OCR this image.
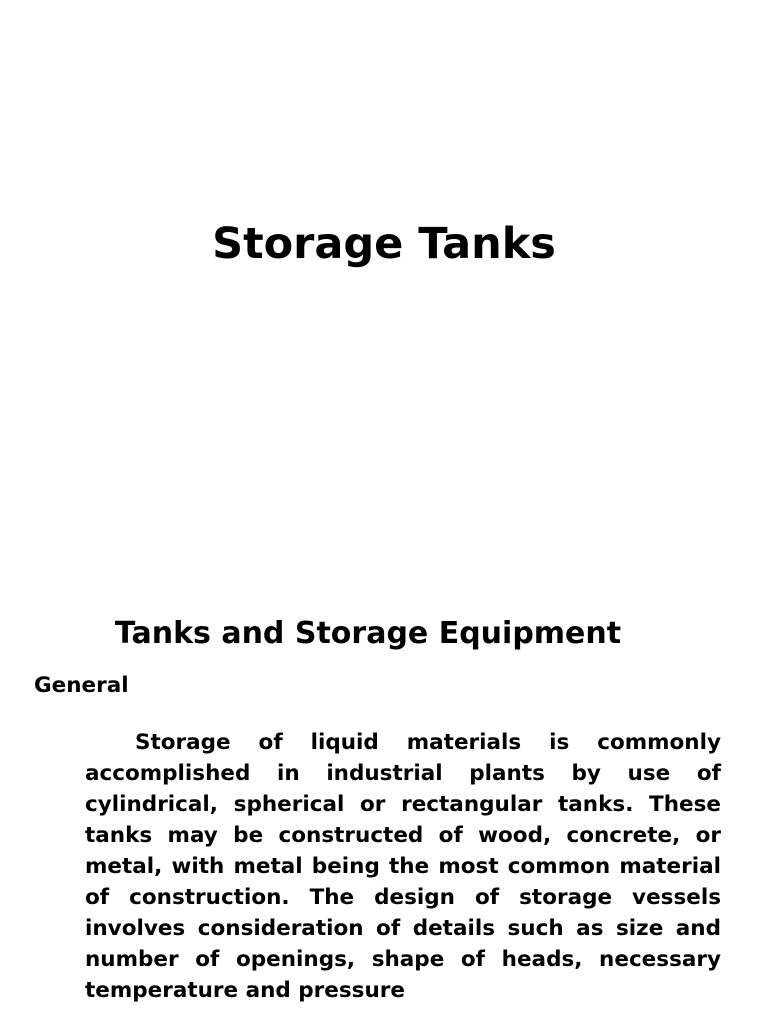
Storage Tanks
Tanks and Storage Equipment
General

Storage of liquid materials is commonly accomplished in industrial plants by use of cylindrical, spherical or rectangular tanks. These tanks may be constructed of wood, concrete, or metal, with metal being the most common material of construction. The design of storage vessels involves consideration of details such as size and number of openings, shape of heads, necessary temperature and pressure
